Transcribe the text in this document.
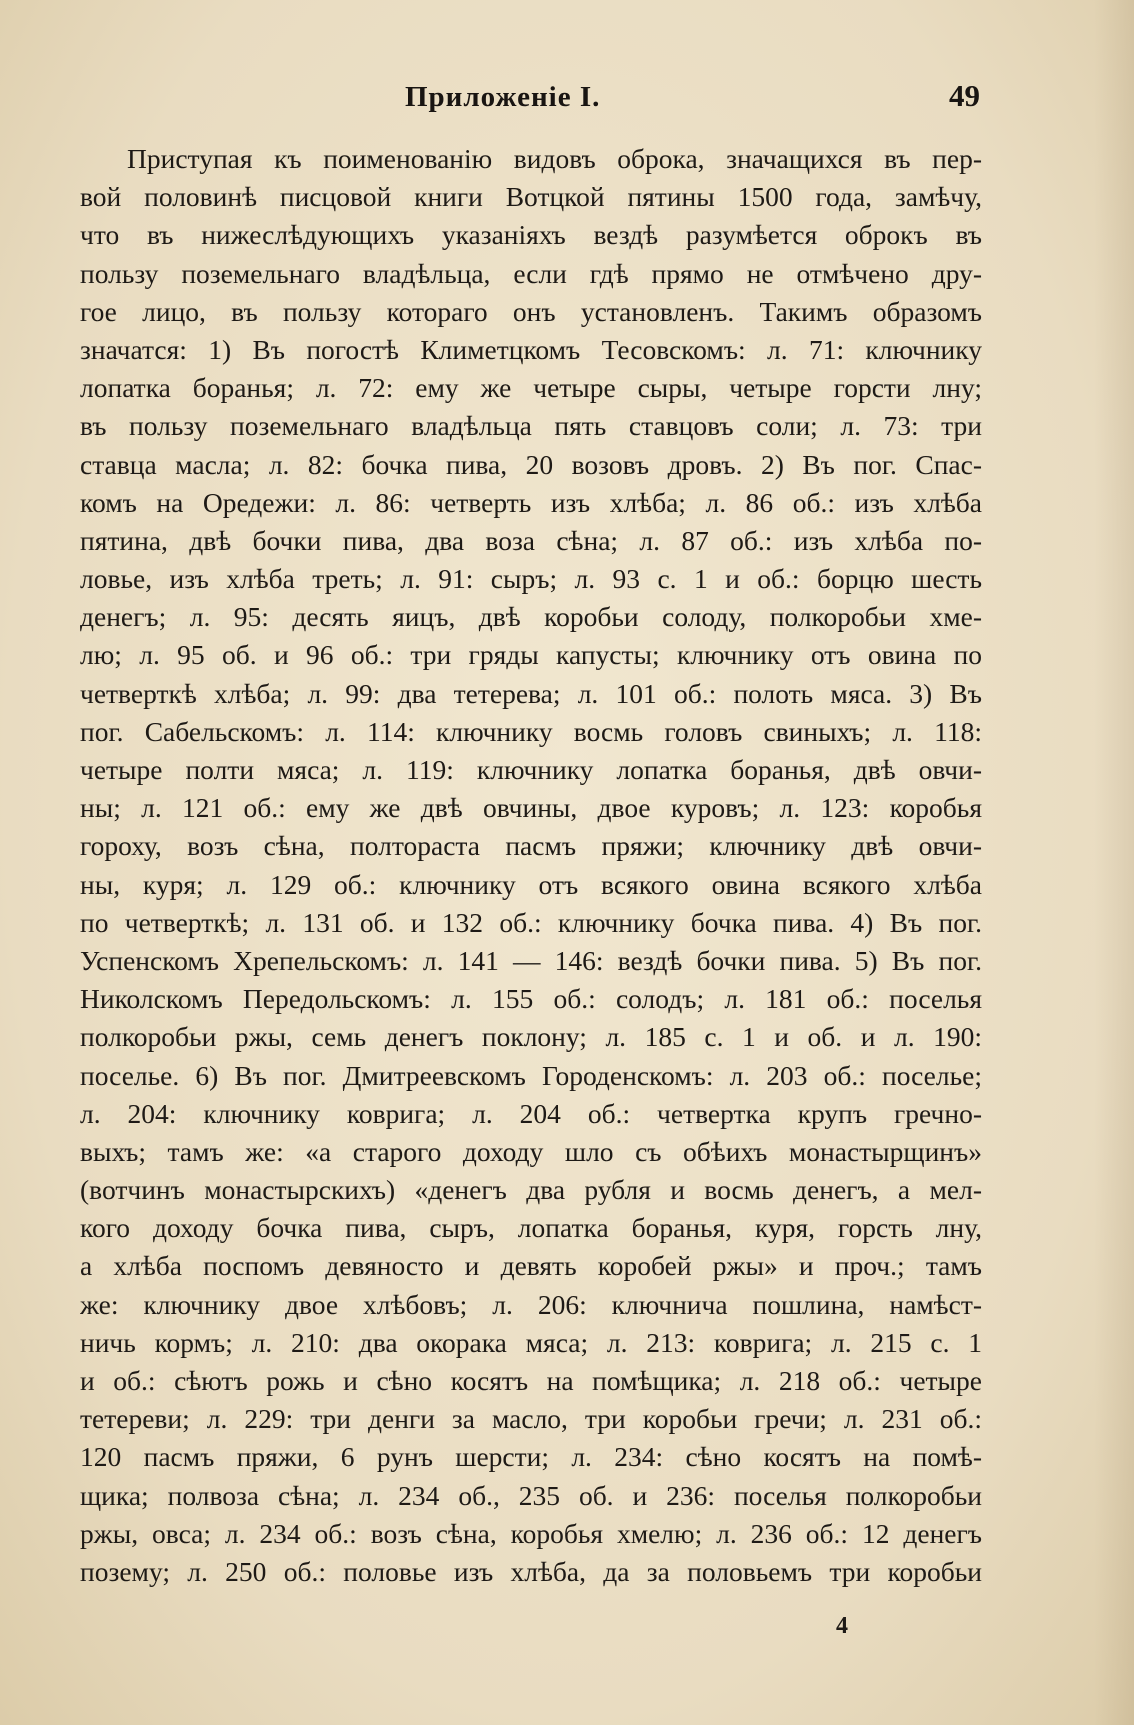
Приложеніе I.	49
Приступая къ поименованію видовъ оброка, значащихся въ пер-
вой половинѣ писцовой книги Вотцкой пятины 1500 года, замѣчу,
что въ нижеслѣдующихъ указаніяхъ вездѣ разумѣется оброкъ въ
пользу поземельнаго владѣльца, если гдѣ прямо не отмѣчено дру-
гое лицо, въ пользу котораго онъ установленъ. Такимъ образомъ
значатся: 1) Въ погостѣ Климетцкомъ Тесовскомъ: л. 71: ключнику
лопатка боранья; л. 72: ему же четыре сыры, четыре горсти лну;
въ пользу поземельнаго владѣльца пять ставцовъ соли; л. 73: три
ставца масла; л. 82: бочка пива, 20 возовъ дровъ. 2) Въ пог. Спас-
комъ на Оредежи: л. 86: четверть изъ хлѣба; л. 86 об.: изъ хлѣба
пятина, двѣ бочки пива, два воза сѣна; л. 87 об.: изъ хлѣба по-
ловье, изъ хлѣба треть; л. 91: сыръ; л. 93 с. 1 и об.: борцю шесть
денегъ; л. 95: десять яицъ, двѣ коробьи солоду, полкоробьи хме-
лю; л. 95 об. и 96 об.: три гряды капусты; ключнику отъ овина по
четверткѣ хлѣба; л. 99: два тетерева; л. 101 об.: полоть мяса. 3) Въ
пог. Сабельскомъ: л. 114: ключнику восмь головъ свиныхъ; л. 118:
четыре полти мяса; л. 119: ключнику лопатка боранья, двѣ овчи-
ны; л. 121 об.: ему же двѣ овчины, двое куровъ; л. 123: коробья
гороху, возъ сѣна, полтораста пасмъ пряжи; ключнику двѣ овчи-
ны, куря; л. 129 об.: ключнику отъ всякого овина всякого хлѣба
по четверткѣ; л. 131 об. и 132 об.: ключнику бочка пива. 4) Въ пог.
Успенскомъ Хрепельскомъ: л. 141 — 146: вездѣ бочки пива. 5) Въ пог.
Николскомъ Передольскомъ: л. 155 об.: солодъ; л. 181 об.: поселья
полкоробьи ржы, семь денегъ поклону; л. 185 с. 1 и об. и л. 190:
поселье. 6) Въ пог. Дмитреевскомъ Городенскомъ: л. 203 об.: поселье;
л. 204: ключнику коврига; л. 204 об.: четвертка крупъ гречно-
выхъ; тамъ же: «а старого доходу шло съ обѣихъ монастырщинъ»
(вотчинъ монастырскихъ) «денегъ два рубля и восмь денегъ, а мел-
кого доходу бочка пива, сыръ, лопатка боранья, куря, горсть лну,
а хлѣба поспомъ девяносто и девять коробей ржы» и проч.; тамъ
же: ключнику двое хлѣбовъ; л. 206: ключнича пошлина, намѣст-
ничь кормъ; л. 210: два окорака мяса; л. 213: коврига; л. 215 с. 1
и об.: сѣютъ рожь и сѣно косятъ на помѣщика; л. 218 об.: четыре
тетереви; л. 229: три денги за масло, три коробьи гречи; л. 231 об.:
120 пасмъ пряжи, 6 рунъ шерсти; л. 234: сѣно косятъ на помѣ-
щика; полвоза сѣна; л. 234 об., 235 об. и 236: поселья полкоробьи
ржы, овса; л. 234 об.: возъ сѣна, коробья хмелю; л. 236 об.: 12 денегъ
позему; л. 250 об.: половье изъ хлѣба, да за половьемъ три коробьи
4
